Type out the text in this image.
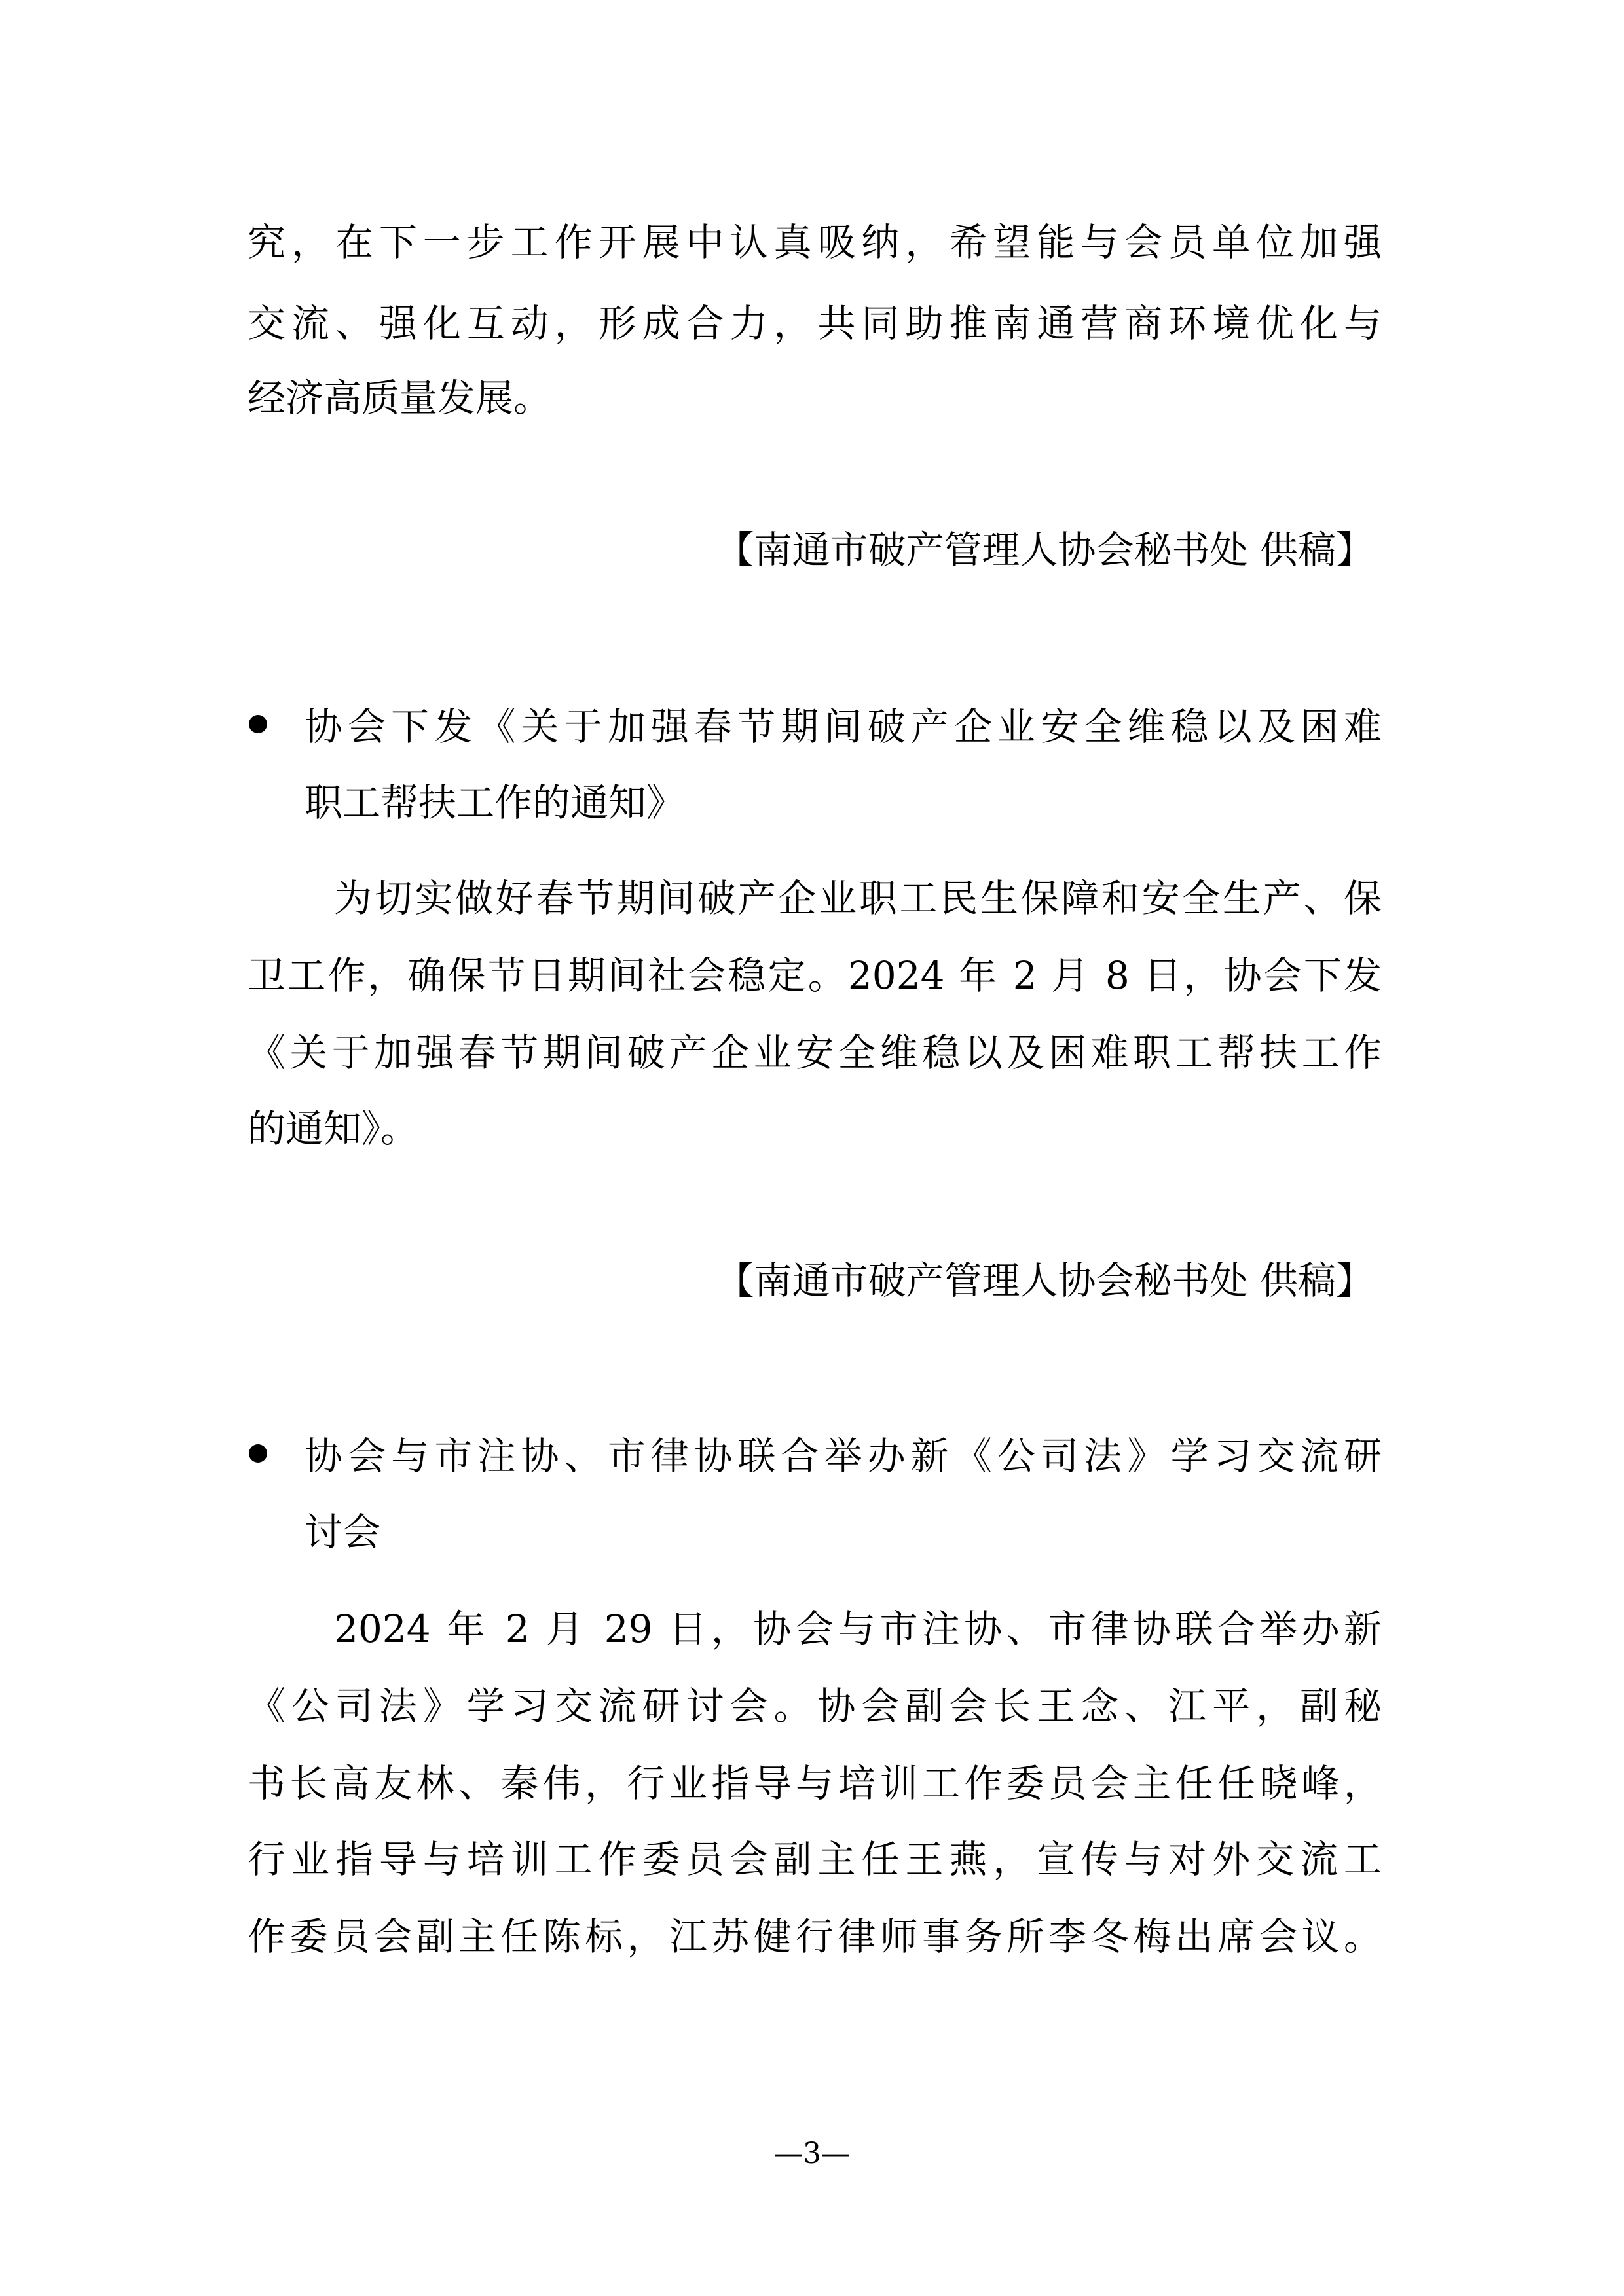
究，在下一步工作开展中认真吸纳，希望能与会员单位加强
交流、强化互动，形成合力，共同助推南通营商环境优化与
经济高质量发展。
【南通市破产管理人协会秘书处 供稿】
协会下发《关于加强春节期间破产企业安全维稳以及困难
职工帮扶工作的通知》
为切实做好春节期间破产企业职工民生保障和安全生产、保
卫工作，确保节日期间社会稳定。2024 年 2 月 8 日，协会下发
《关于加强春节期间破产企业安全维稳以及困难职工帮扶工作
的通知》。
【南通市破产管理人协会秘书处 供稿】
协会与市注协、市律协联合举办新《公司法》学习交流研
讨会
2024 年 2 月 29 日，协会与市注协、市律协联合举办新
《公司法》学习交流研讨会。协会副会长王念、江平，副秘
书长高友林、秦伟，行业指导与培训工作委员会主任任晓峰，
行业指导与培训工作委员会副主任王燕，宣传与对外交流工
作委员会副主任陈标，江苏健行律师事务所李冬梅出席会议。
—3—
